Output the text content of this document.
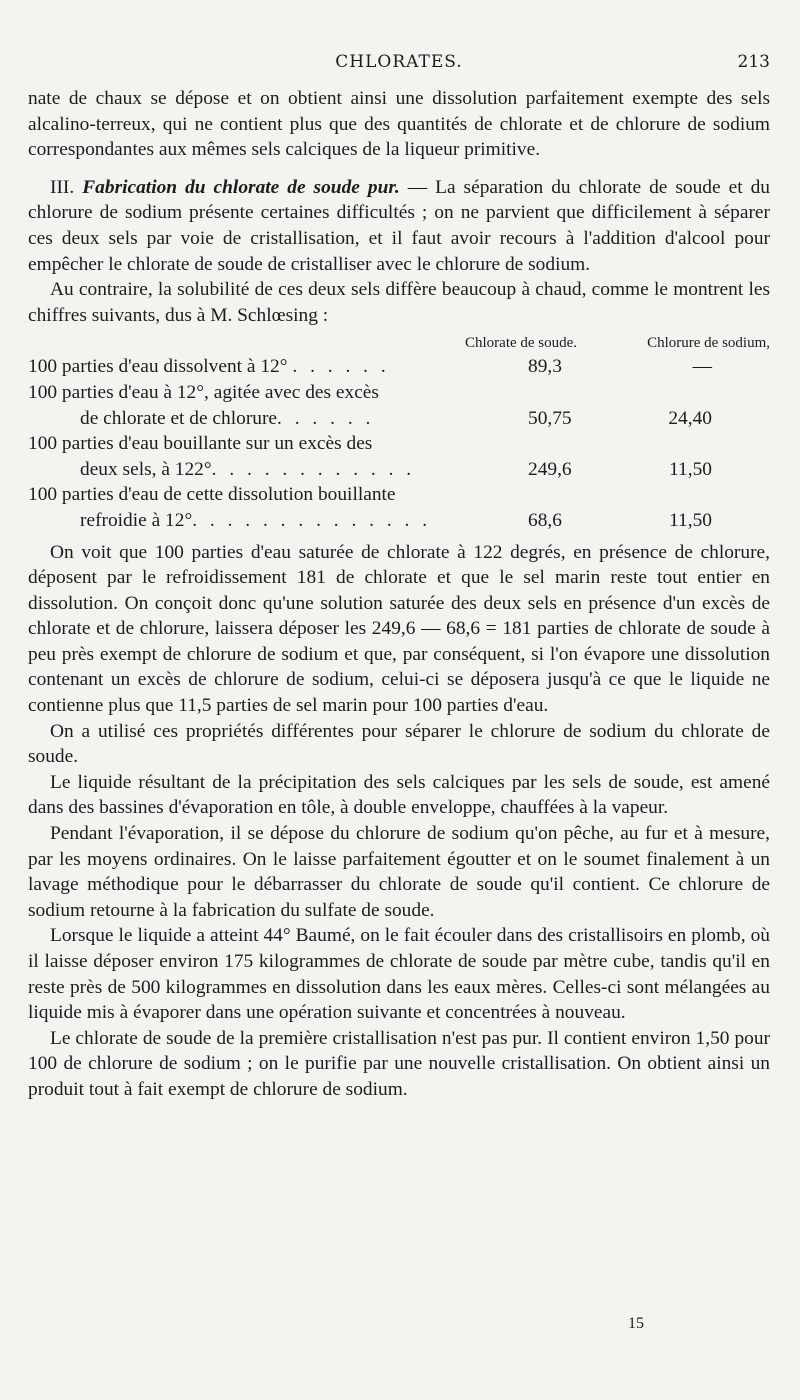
CHLORATES.	213

nate de chaux se dépose et on obtient ainsi une dissolution parfaitement exempte des sels alcalino-terreux, qui ne contient plus que des quantités de chlorate et de chlorure de sodium correspondantes aux mêmes sels calciques de la liqueur primitive.

III. Fabrication du chlorate de soude pur. — La séparation du chlorate de soude et du chlorure de sodium présente certaines difficultés ; on ne parvient que difficilement à séparer ces deux sels par voie de cristallisation, et il faut avoir recours à l'addition d'alcool pour empêcher le chlorate de soude de cristalliser avec le chlorure de sodium.

Au contraire, la solubilité de ces deux sels diffère beaucoup à chaud, comme le montrent les chiffres suivants, dus à M. Schlœsing :

Chlorate de soude.	Chlorure de sodium,
100 parties d'eau dissolvent à 12° . . . . . .	89,3	—
100 parties d'eau à 12°, agitée avec des excès
de chlorate et de chlorure. . . . . .	50,75	24,40
100 parties d'eau bouillante sur un excès des
deux sels, à 122°. . . . . . . . . . . .	249,6	11,50
100 parties d'eau de cette dissolution bouillante
refroidie à 12°. . . . . . . . . . . . . .	68,6	11,50

On voit que 100 parties d'eau saturée de chlorate à 122 degrés, en présence de chlorure, déposent par le refroidissement 181 de chlorate et que le sel marin reste tout entier en dissolution. On conçoit donc qu'une solution saturée des deux sels en présence d'un excès de chlorate et de chlorure, laissera déposer les 249,6 — 68,6 = 181 parties de chlorate de soude à peu près exempt de chlorure de sodium et que, par conséquent, si l'on évapore une dissolution contenant un excès de chlorure de sodium, celui-ci se déposera jusqu'à ce que le liquide ne contienne plus que 11,5 parties de sel marin pour 100 parties d'eau.

On a utilisé ces propriétés différentes pour séparer le chlorure de sodium du chlorate de soude.

Le liquide résultant de la précipitation des sels calciques par les sels de soude, est amené dans des bassines d'évaporation en tôle, à double enveloppe, chauffées à la vapeur.

Pendant l'évaporation, il se dépose du chlorure de sodium qu'on pêche, au fur et à mesure, par les moyens ordinaires. On le laisse parfaitement égoutter et on le soumet finalement à un lavage méthodique pour le débarrasser du chlorate de soude qu'il contient. Ce chlorure de sodium retourne à la fabrication du sulfate de soude.

Lorsque le liquide a atteint 44° Baumé, on le fait écouler dans des cristallisoirs en plomb, où il laisse déposer environ 175 kilogrammes de chlorate de soude par mètre cube, tandis qu'il en reste près de 500 kilogrammes en dissolution dans les eaux mères. Celles-ci sont mélangées au liquide mis à évaporer dans une opération suivante et concentrées à nouveau.

Le chlorate de soude de la première cristallisation n'est pas pur. Il contient environ 1,50 pour 100 de chlorure de sodium ; on le purifie par une nouvelle cristallisation. On obtient ainsi un produit tout à fait exempt de chlorure de sodium.

15
